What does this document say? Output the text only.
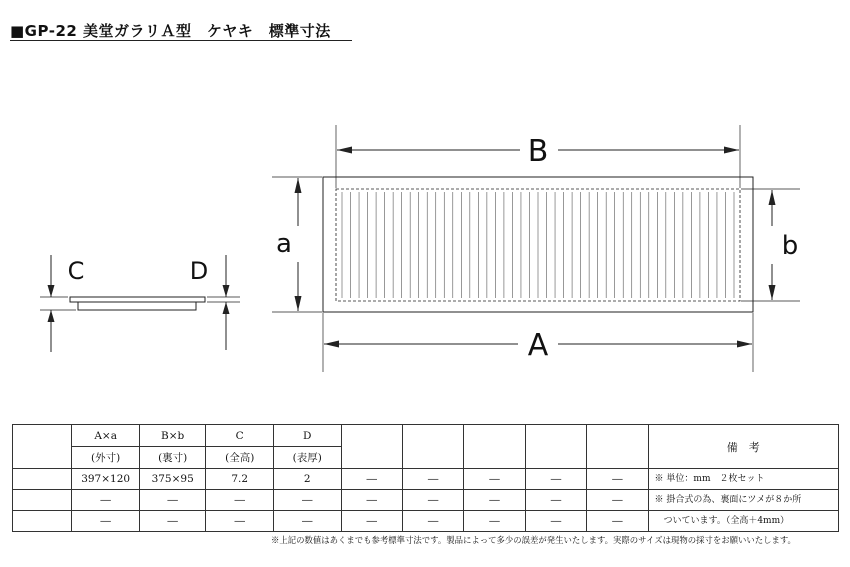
■GP-22 美堂ガラリＡ型　ケヤキ　標準寸法
C	D
B
A
a	b
	A×a	B×b	C	D						備　考
	(外寸)	(裏寸)	(全高)	(表厚)						
	397×120	375×95	7.2	2	―	―	―	―	―	※ 単位：mm　２枚セット
	―	―	―	―	―	―	―	―	―	※ 掛合式の為、裏面にツメが８か所
	―	―	―	―	―	―	―	―	―	　ついています。（全高＋4mm）
※上記の数値はあくまでも参考標準寸法です。製品によって多少の誤差が発生いたします。実際のサイズは現物の採寸をお願いいたします。
